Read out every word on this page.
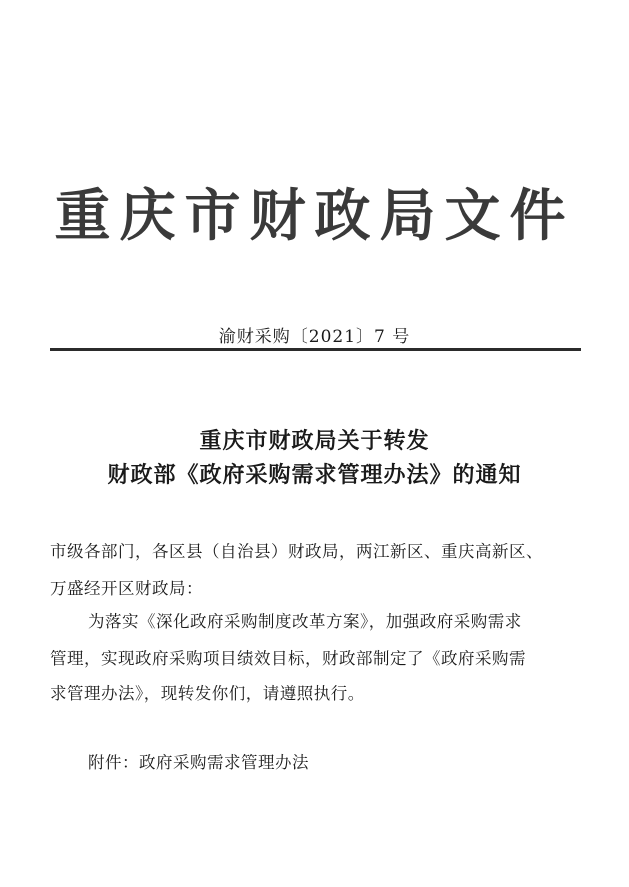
重庆市财政局文件
渝财采购〔2021〕7 号
重庆市财政局关于转发
财政部《政府采购需求管理办法》的通知
市级各部门，各区县（自治县）财政局，两江新区、重庆高新区、
万盛经开区财政局：
为落实《深化政府采购制度改革方案》，加强政府采购需求
管理，实现政府采购项目绩效目标，财政部制定了《政府采购需
求管理办法》，现转发你们，请遵照执行。
附件：政府采购需求管理办法
